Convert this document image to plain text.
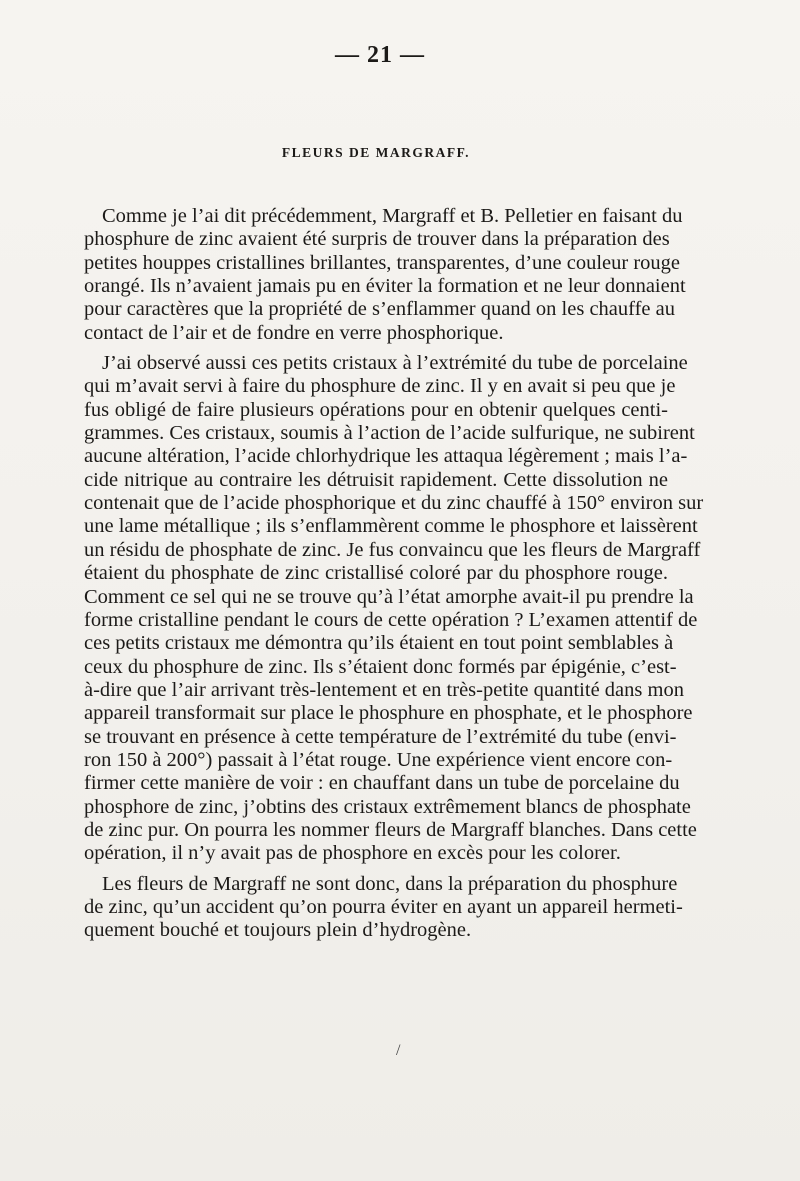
— 21 —
FLEURS DE MARGRAFF.
Comme je l’ai dit précédemment, Margraff et B. Pelletier en faisant du
phosphure de zinc avaient été surpris de trouver dans la préparation des
petites houppes cristallines brillantes, transparentes, d’une couleur rouge
orangé. Ils n’avaient jamais pu en éviter la formation et ne leur donnaient
pour caractères que la propriété de s’enflammer quand on les chauffe au
contact de l’air et de fondre en verre phosphorique.
J’ai observé aussi ces petits cristaux à l’extrémité du tube de porcelaine
qui m’avait servi à faire du phosphure de zinc. Il y en avait si peu que je
fus obligé de faire plusieurs opérations pour en obtenir quelques centi-
grammes. Ces cristaux, soumis à l’action de l’acide sulfurique, ne subirent
aucune altération, l’acide chlorhydrique les attaqua légèrement ; mais l’a-
cide nitrique au contraire les détruisit rapidement. Cette dissolution ne
contenait que de l’acide phosphorique et du zinc chauffé à 150° environ sur
une lame métallique ; ils s’enflammèrent comme le phosphore et laissèrent
un résidu de phosphate de zinc. Je fus convaincu que les fleurs de Margraff
étaient du phosphate de zinc cristallisé coloré par du phosphore rouge.
Comment ce sel qui ne se trouve qu’à l’état amorphe avait-il pu prendre la
forme cristalline pendant le cours de cette opération ? L’examen attentif de
ces petits cristaux me démontra qu’ils étaient en tout point semblables à
ceux du phosphure de zinc. Ils s’étaient donc formés par épigénie, c’est-
à-dire que l’air arrivant très-lentement et en très-petite quantité dans mon
appareil transformait sur place le phosphure en phosphate, et le phosphore
se trouvant en présence à cette température de l’extrémité du tube (envi-
ron 150 à 200°) passait à l’état rouge. Une expérience vient encore con-
firmer cette manière de voir : en chauffant dans un tube de porcelaine du
phosphore de zinc, j’obtins des cristaux extrêmement blancs de phosphate
de zinc pur. On pourra les nommer fleurs de Margraff blanches. Dans cette
opération, il n’y avait pas de phosphore en excès pour les colorer.
Les fleurs de Margraff ne sont donc, dans la préparation du phosphure
de zinc, qu’un accident qu’on pourra éviter en ayant un appareil hermeti-
quement bouché et toujours plein d’hydrogène.
/
